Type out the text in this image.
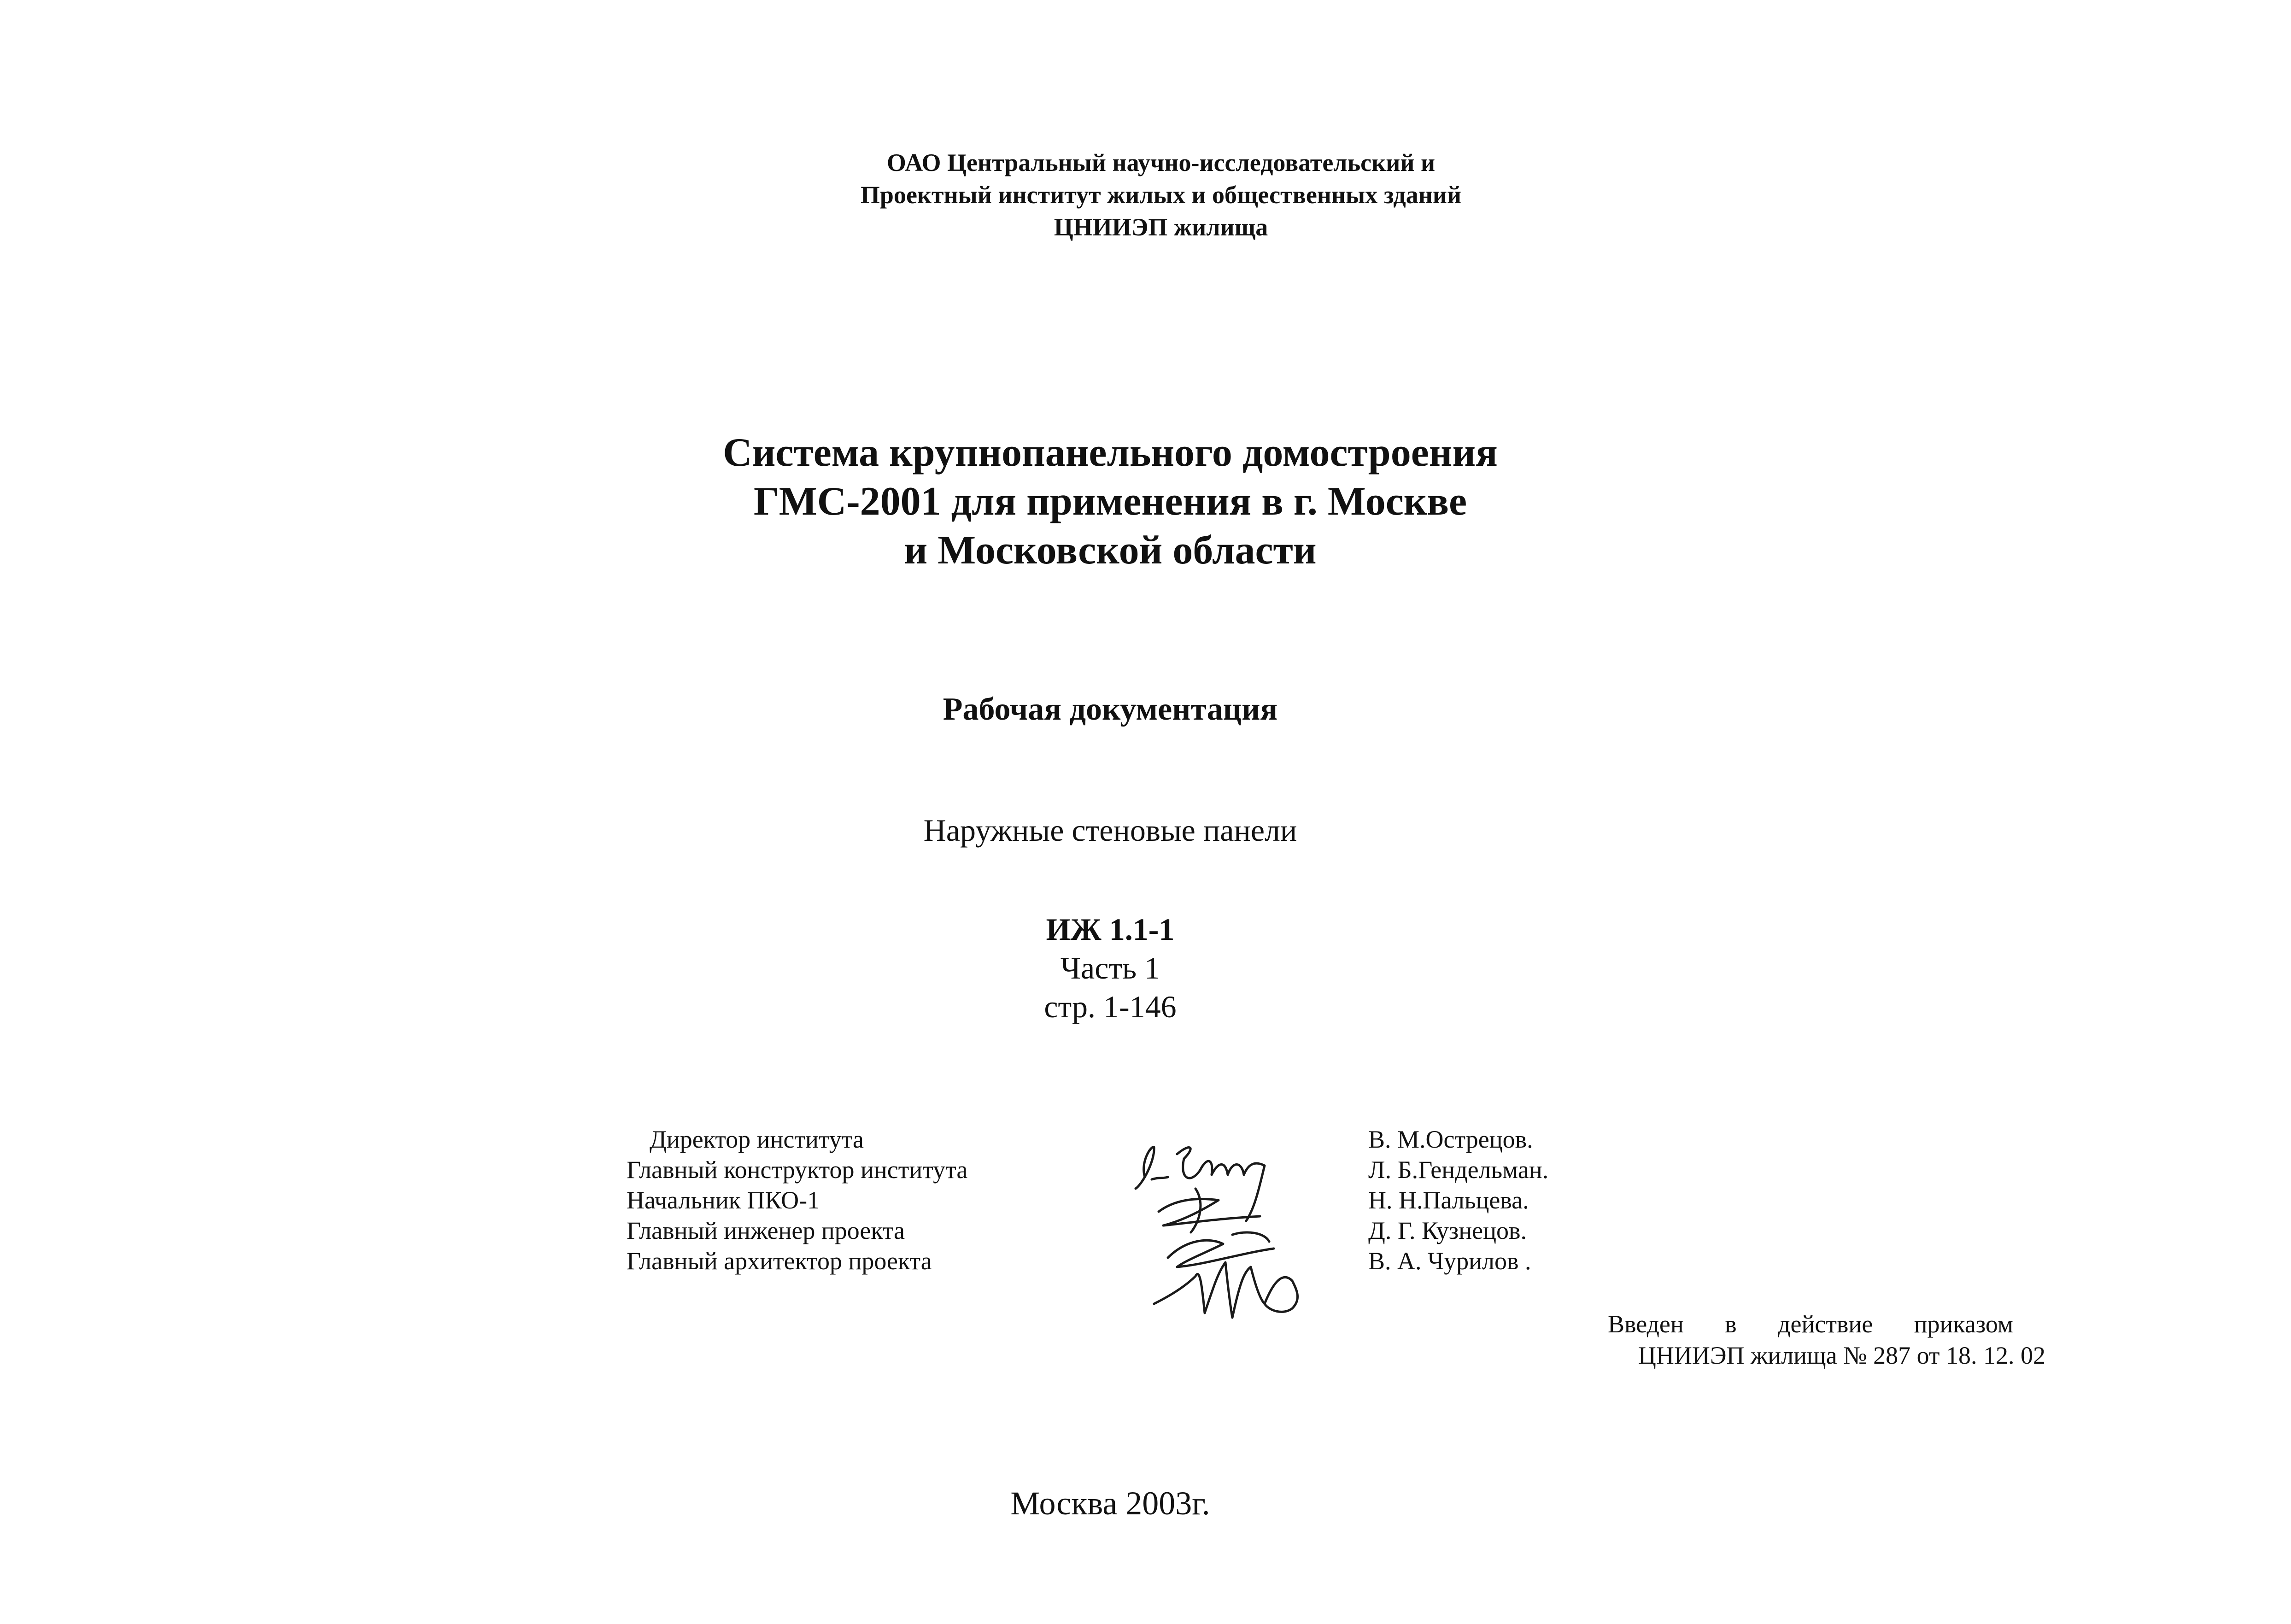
ОАО Центральный научно-исследовательский и
Проектный институт жилых и общественных зданий
ЦНИИЭП жилища
Система крупнопанельного домостроения
ГМС-2001 для применения в г. Москве
и Московской области
Рабочая документация
Наружные стеновые панели
ИЖ 1.1-1
Часть 1
стр. 1-146
Директор института
Главный конструктор института
Начальник ПКО-1
Главный инженер проекта
Главный архитектор проекта
В. М.Острецов.
Л. Б.Гендельман.
Н. Н.Пальцева.
Д. Г. Кузнецов.
В. А. Чурилов .
Введен в действие приказом
ЦНИИЭП жилища № 287 от 18. 12. 02
Москва 2003г.
